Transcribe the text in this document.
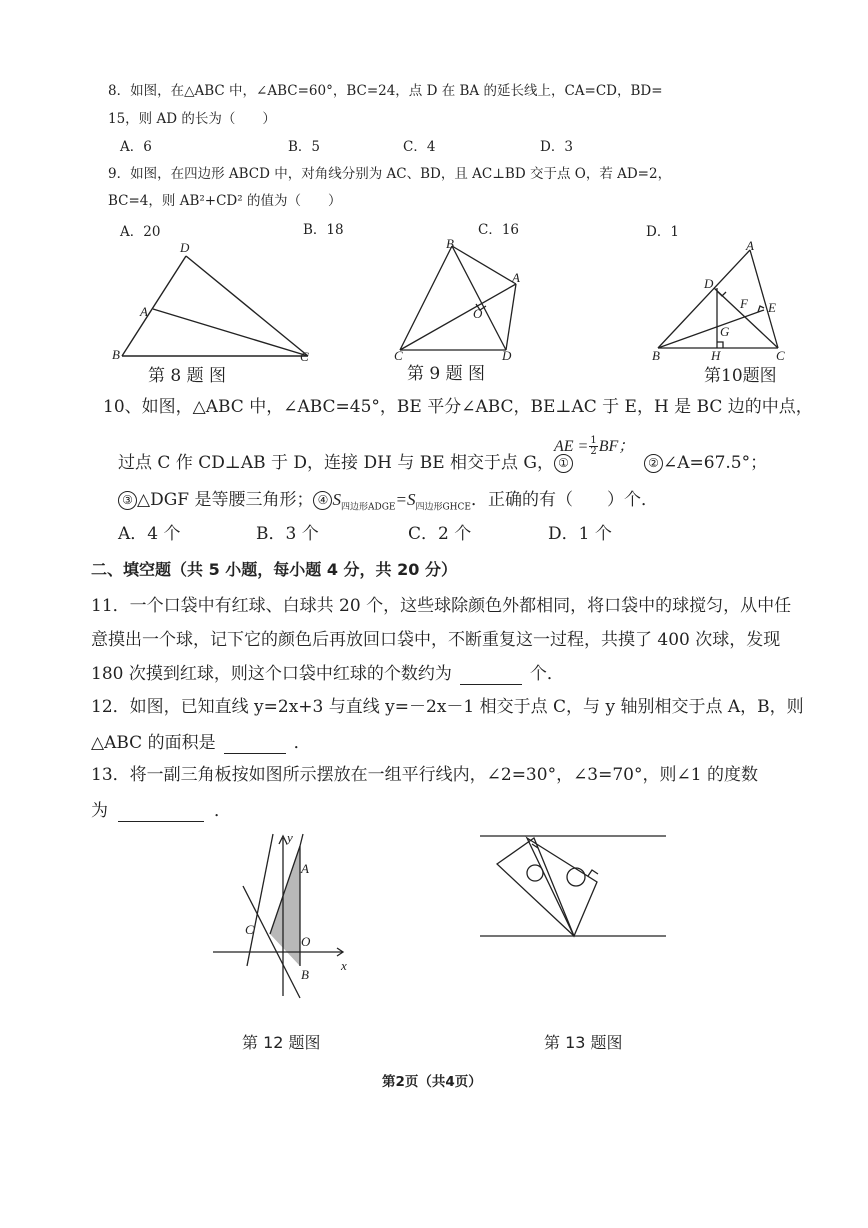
8．如图，在△ABC 中，∠ABC=60°，BC=24，点 D 在 BA 的延长线上，CA=CD，BD=
15，则 AD 的长为（　　）
A．6	B．5	C．4	D．3
9．如图，在四边形 ABCD 中，对角线分别为 AC、BD，且 AC⊥BD 交于点 O，若 AD=2，
BC=4，则 AB²+CD² 的值为（　　）
A．20	B．18	C．16	D．1
D
A
B	C
第 8 题 图
B
A
O
C	D
第 9 题 图
A
D
F E
G
B	H	C
第10题图
10、如图，△ABC 中，∠ABC=45°，BE 平分∠ABC，BE⊥AC 于 E，H 是 BC 边的中点，
过点 C 作 CD⊥AB 于 D，连接 DH 与 BE 相交于点 G， ①
AE = $\frac{1}{2}$ BF；
② ∠A=67.5°；
③ △DGF 是等腰三角形； ④ $S_{四边形ADGE}=S_{四边形GHCE}$．正确的有（　　）个．
A．4 个	B．3 个	C．2 个	D．1 个
二、填空题（共 5 小题，每小题 4 分，共 20 分）
11．一个口袋中有红球、白球共 20 个，这些球除颜色外都相同，将口袋中的球搅匀，从中任
意摸出一个球，记下它的颜色后再放回口袋中，不断重复这一过程，共摸了 400 次球，发现
180 次摸到红球，则这个口袋中红球的个数约为	个．
12．如图，已知直线 y=2x+3 与直线 y=－2x－1 相交于点 C，与 y 轴别相交于点 A，B，则
△ABC 的面积是	．
13．将一副三角板按如图所示摆放在一组平行线内，∠2=30°，∠3=70°，则∠1 的度数
为	．
y
A
C
O
B
x
第 12 题图	第 13 题图
第2页（共4页）
